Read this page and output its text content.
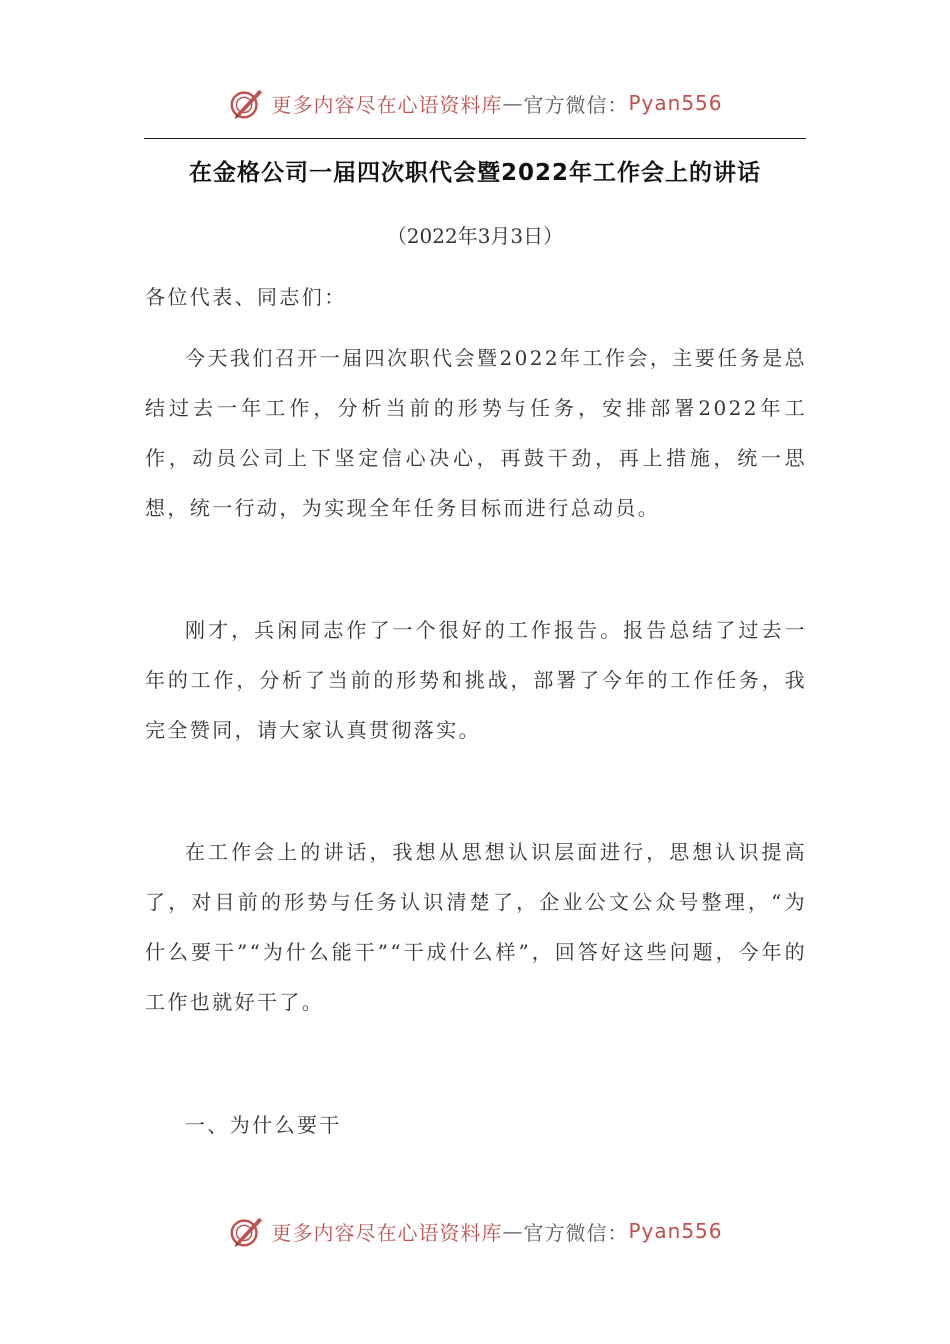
更多内容尽在心语资料库 — 官方微信： Pyan556
在金格公司一届四次职代会暨2022年工作会上的讲话
（2022年3月3日）
各位代表、同志们：
今天我们召开一届四次职代会暨2022年工作会，主要任务是总结过去一年工作，分析当前的形势与任务，安排部署2022年工作，动员公司上下坚定信心决心，再鼓干劲，再上措施，统一思想，统一行动，为实现全年任务目标而进行总动员。
刚才，兵闲同志作了一个很好的工作报告。报告总结了过去一年的工作，分析了当前的形势和挑战，部署了今年的工作任务，我完全赞同，请大家认真贯彻落实。
在工作会上的讲话，我想从思想认识层面进行，思想认识提高了，对目前的形势与任务认识清楚了，企业公文公众号整理，“为什么要干”“为什么能干”“干成什么样”，回答好这些问题，今年的工作也就好干了。
一、为什么要干
更多内容尽在心语资料库 — 官方微信： Pyan556
